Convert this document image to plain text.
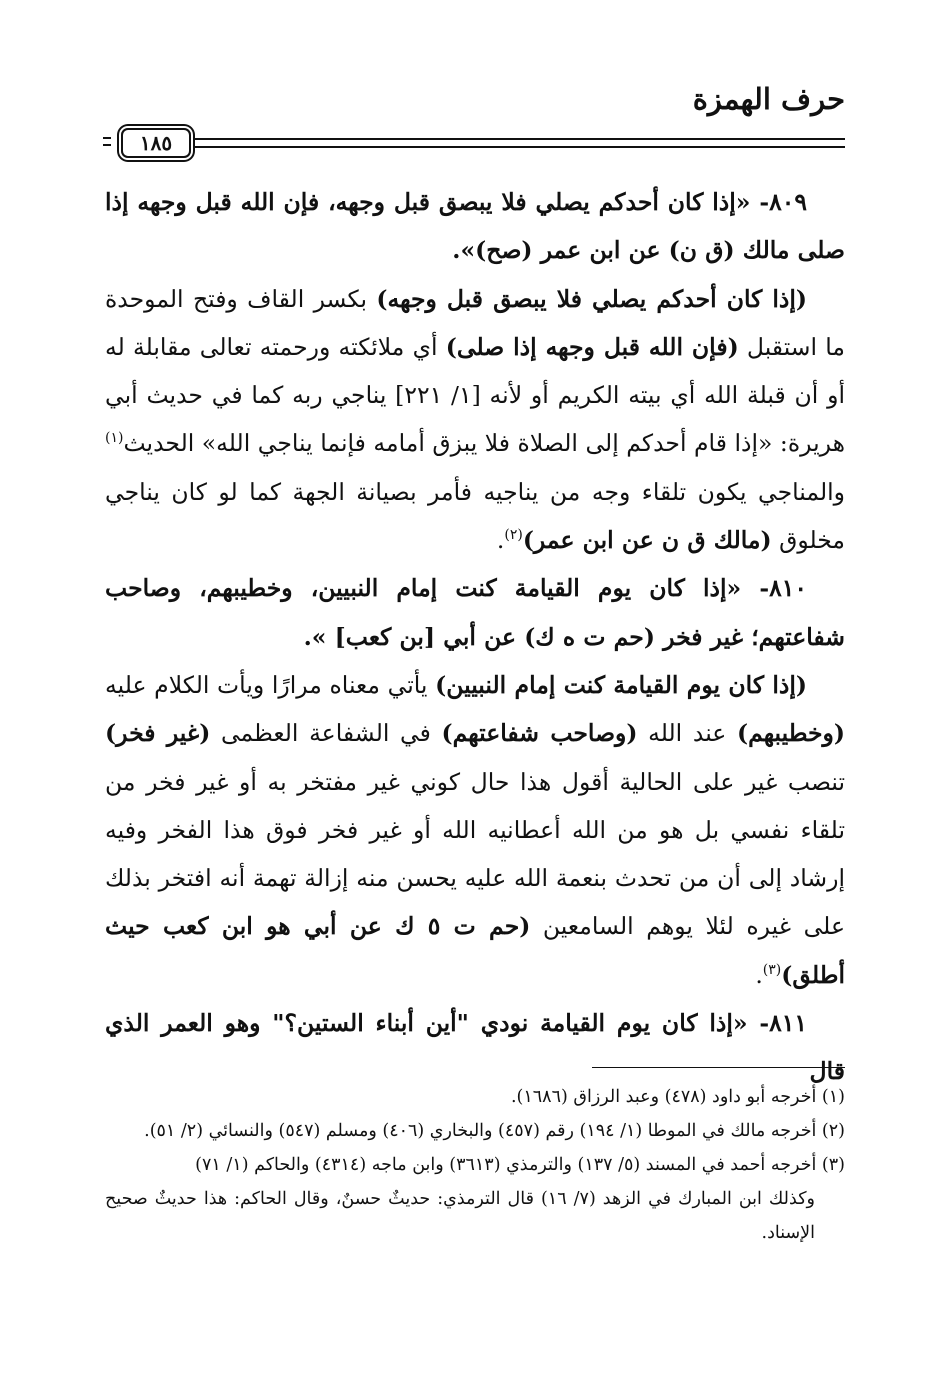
حرف الهمزة
١٨٥

٨٠٩- «إذا كان أحدكم يصلي فلا يبصق قبل وجهه، فإن الله قبل وجهه إذا صلى مالك (ق ن) عن ابن عمر (صح)».

(إذا كان أحدكم يصلي فلا يبصق قبل وجهه) بكسر القاف وفتح الموحدة ما استقبل (فإن الله قبل وجهه إذا صلى) أي ملائكته ورحمته تعالى مقابلة له أو أن قبلة الله أي بيته الكريم أو لأنه [١/ ٢٢١] يناجي ربه كما في حديث أبي هريرة: «إذا قام أحدكم إلى الصلاة فلا يبزق أمامه فإنما يناجي الله» الحديث$^{(١)}$ والمناجي يكون تلقاء وجه من يناجيه فأمر بصيانة الجهة كما لو كان يناجي مخلوق (مالك ق ن عن ابن عمر)$^{(٢)}$.

٨١٠- «إذا كان يوم القيامة كنت إمام النبيين، وخطيبهم، وصاحب شفاعتهم؛ غير فخر (حم ت ه ك) عن أبي [بن كعب] ».

(إذا كان يوم القيامة كنت إمام النبيين) يأتي معناه مرارًا ويأت الكلام عليه (وخطيبهم) عند الله (وصاحب شفاعتهم) في الشفاعة العظمى (غير فخر) تنصب غير على الحالية أقول هذا حال كوني غير مفتخر به أو غير فخر من تلقاء نفسي بل هو من الله أعطانيه الله أو غير فخر فوق هذا الفخر وفيه إرشاد إلى أن من تحدث بنعمة الله عليه يحسن منه إزالة تهمة أنه افتخر بذلك على غيره لئلا يوهم السامعين (حم ت ٥ ك عن أبي هو ابن كعب حيث أطلق)$^{(٣)}$.

٨١١- «إذا كان يوم القيامة نودي "أين أبناء الستين؟" وهو العمر الذي قال

(١) أخرجه أبو داود (٤٧٨) وعبد الرزاق (١٦٨٦).

(٢) أخرجه مالك في الموطا (١/ ١٩٤) رقم (٤٥٧) والبخاري (٤٠٦) ومسلم (٥٤٧) والنسائي (٢/ ٥١).

(٣) أخرجه أحمد في المسند (٥/ ١٣٧) والترمذي (٣٦١٣) وابن ماجه (٤٣١٤) والحاكم (١/ ٧١)

وكذلك ابن المبارك في الزهد (٧/ ١٦) قال الترمذي: حديثٌ حسنٌ، وقال الحاكم: هذا حديثٌ صحيح الإسناد.
